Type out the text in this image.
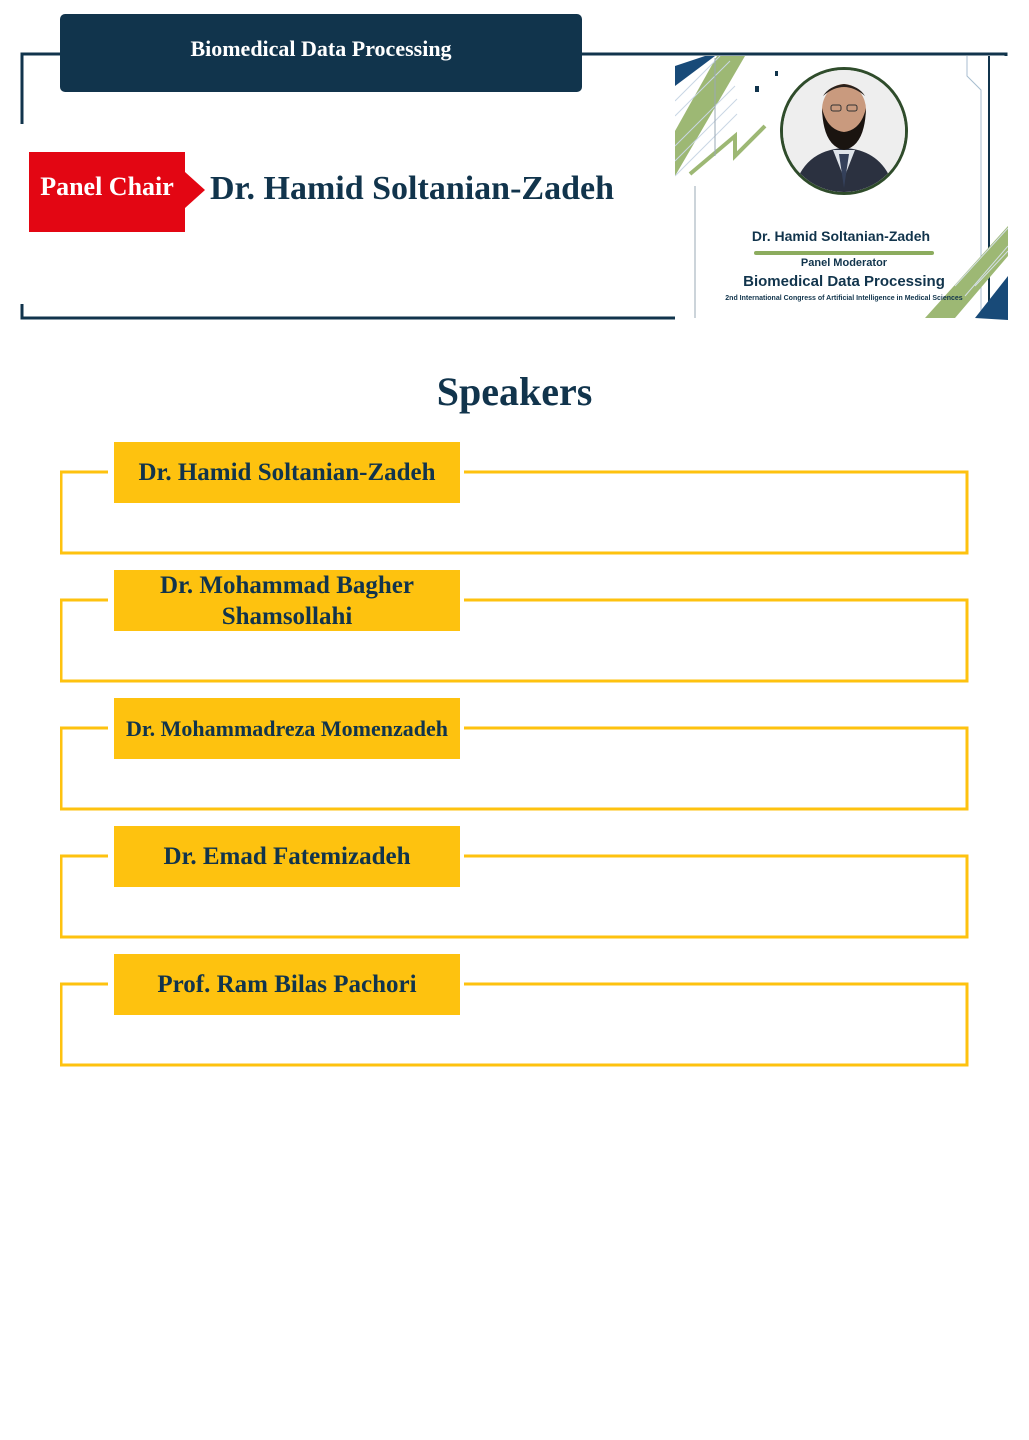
Biomedical Data Processing
Panel Chair	Dr. Hamid Soltanian-Zadeh
Dr. Hamid Soltanian-Zadeh
Panel Moderator
Biomedical Data Processing
2nd International Congress of Artificial Intelligence in Medical Sciences
Speakers
Dr. Hamid Soltanian-Zadeh
Dr. Mohammad Bagher Shamsollahi
Dr. Mohammadreza Momenzadeh
Dr. Emad Fatemizadeh
Prof. Ram Bilas Pachori
